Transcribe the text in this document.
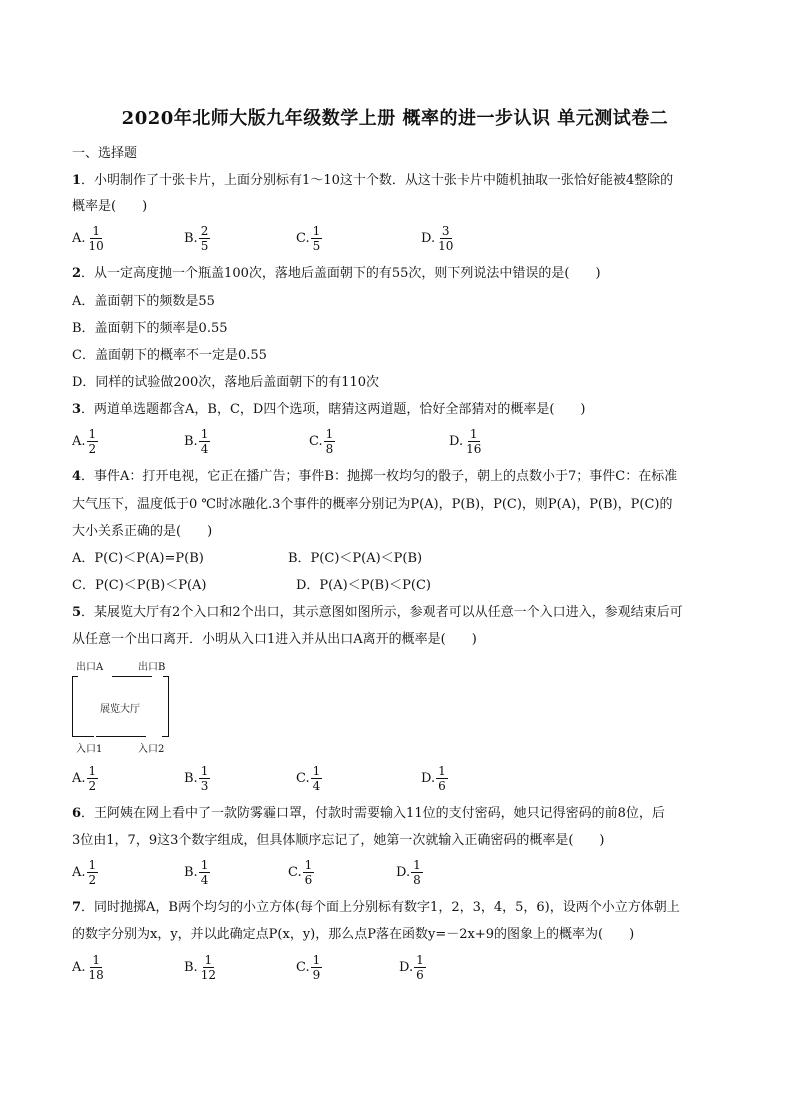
2020年北师大版九年级数学上册 概率的进一步认识 单元测试卷二
一、选择题
1．小明制作了十张卡片，上面分别标有1～10这十个数．从这十张卡片中随机抽取一张恰好能被4整除的
概率是(　　)
A. $\frac{1}{10}$	B. $\frac{2}{5}$	C. $\frac{1}{5}$	D. $\frac{3}{10}$
2．从一定高度抛一个瓶盖100次，落地后盖面朝下的有55次，则下列说法中错误的是(　　)
A．盖面朝下的频数是55
B．盖面朝下的频率是0.55
C．盖面朝下的概率不一定是0.55
D．同样的试验做200次，落地后盖面朝下的有110次
3．两道单选题都含A，B，C，D四个选项，瞎猜这两道题，恰好全部猜对的概率是(　　)
A. $\frac{1}{2}$	B. $\frac{1}{4}$	C. $\frac{1}{8}$	D. $\frac{1}{16}$
4．事件A：打开电视，它正在播广告；事件B：抛掷一枚均匀的骰子，朝上的点数小于7；事件C：在标准
大气压下，温度低于0 ℃时冰融化.3个事件的概率分别记为P(A)，P(B)，P(C)，则P(A)，P(B)，P(C)的
大小关系正确的是(　　)
A．P(C)＜P(A)=P(B)	B．P(C)＜P(A)＜P(B)
C．P(C)＜P(B)＜P(A)	D．P(A)＜P(B)＜P(C)
5．某展览大厅有2个入口和2个出口，其示意图如图所示，参观者可以从任意一个入口进入，参观结束后可
从任意一个出口离开．小明从入口1进入并从出口A离开的概率是(　　)
出口A	出口B
展览大厅
入口1	入口2
A. $\frac{1}{2}$	B. $\frac{1}{3}$	C. $\frac{1}{4}$	D. $\frac{1}{6}$
6．王阿姨在网上看中了一款防雾霾口罩，付款时需要输入11位的支付密码，她只记得密码的前8位，后
3位由1，7，9这3个数字组成，但具体顺序忘记了，她第一次就输入正确密码的概率是(　　)
A. $\frac{1}{2}$	B. $\frac{1}{4}$	C. $\frac{1}{6}$	D. $\frac{1}{8}$
7．同时抛掷A，B两个均匀的小立方体(每个面上分别标有数字1，2，3，4，5，6)，设两个小立方体朝上
的数字分别为x，y，并以此确定点P(x，y)，那么点P落在函数y=－2x+9的图象上的概率为(　　)
A. $\frac{1}{18}$	B. $\frac{1}{12}$	C. $\frac{1}{9}$	D. $\frac{1}{6}$
